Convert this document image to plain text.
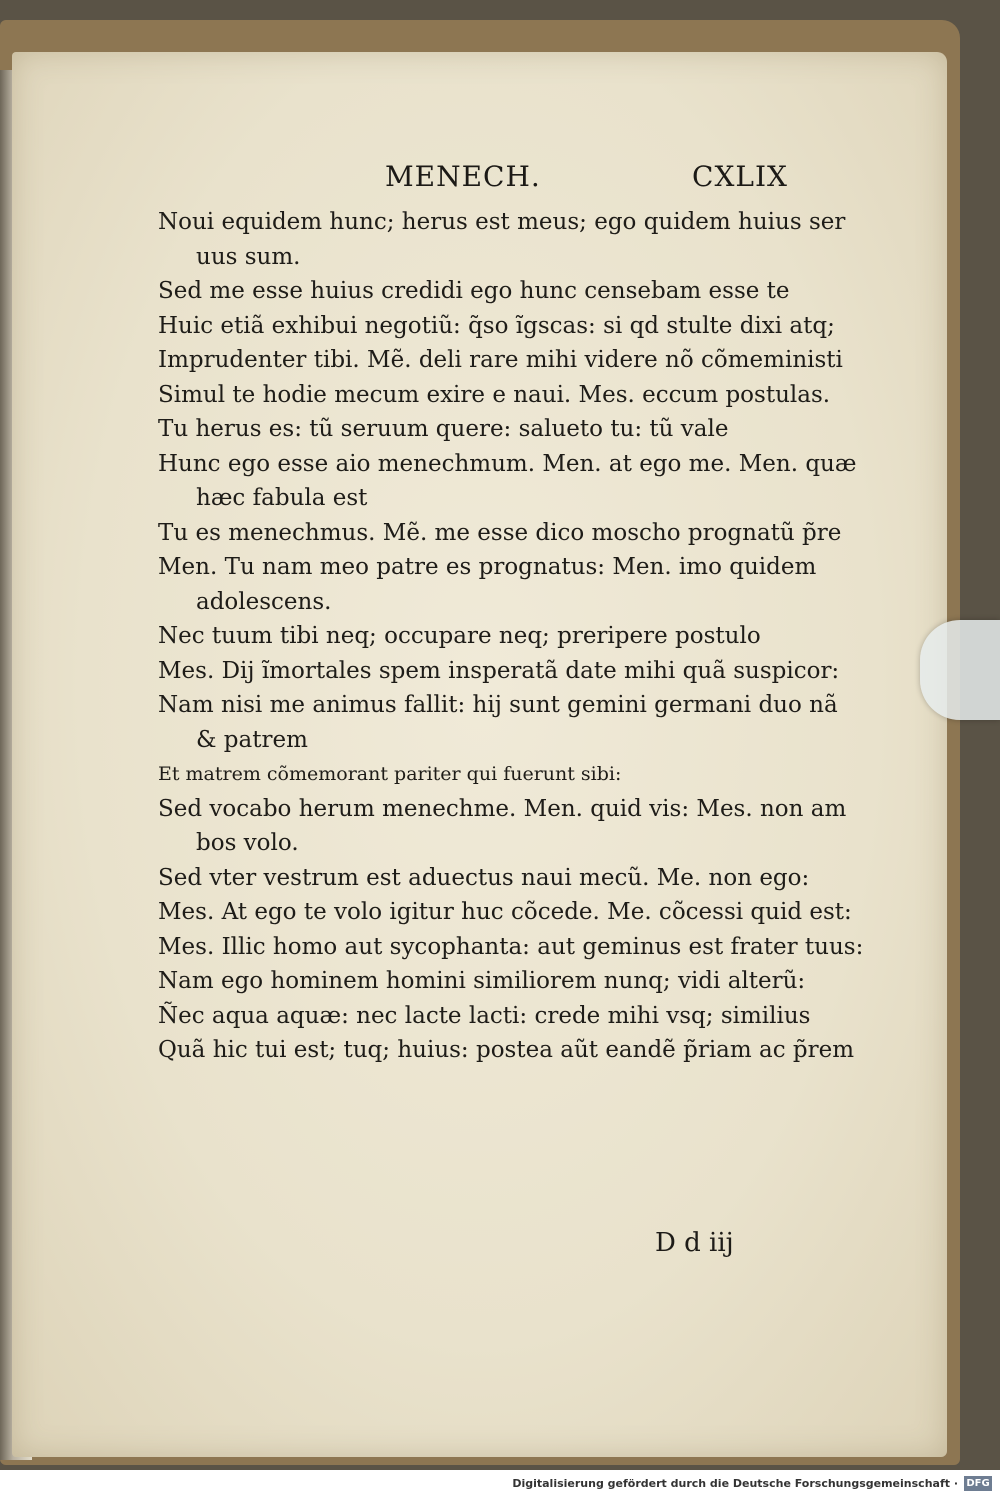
MENECH.	CXLIX
Noui equidem hunc; herus est meus; ego quidem huius ser
uus sum.
Sed me esse huius credidi ego hunc censebam esse te
Huic etiã exhibui negotiũ: q̃so ĩgscas: si qd stulte dixi atq;
Imprudenter tibi. Mẽ. deli rare mihi videre nõ cõmeministi
Simul te hodie mecum exire e naui. Mes. eccum postulas.
Tu herus es: tũ seruum quere: salueto tu: tũ vale
Hunc ego esse aio menechmum. Men. at ego me. Men. quæ
hæc fabula est
Tu es menechmus. Mẽ. me esse dico moscho prognatũ p̃re
Men. Tu nam meo patre es prognatus: Men. imo quidem
adolescens.
Nec tuum tibi neq; occupare neq; preripere postulo
Mes. Dij ĩmortales spem insperatã date mihi quã suspicor:
Nam nisi me animus fallit: hij sunt gemini germani duo nã
& patrem
Et matrem cõmemorant pariter qui fuerunt sibi:
Sed vocabo herum menechme. Men. quid vis: Mes. non am
bos volo.
Sed vter vestrum est aduectus naui mecũ. Me. non ego:
Mes. At ego te volo igitur huc cõcede. Me. cõcessi quid est:
Mes. Illic homo aut sycophanta: aut geminus est frater tuus:
Nam ego hominem homini similiorem nunq; vidi alterũ:
Ñec aqua aquæ: nec lacte lacti: crede mihi vsq; similius
Quã hic tui est; tuq; huius: postea aũt eandẽ p̃riam ac p̃rem
D d iij
Digitalisierung gefördert durch die Deutsche Forschungsgemeinschaft · DFG
